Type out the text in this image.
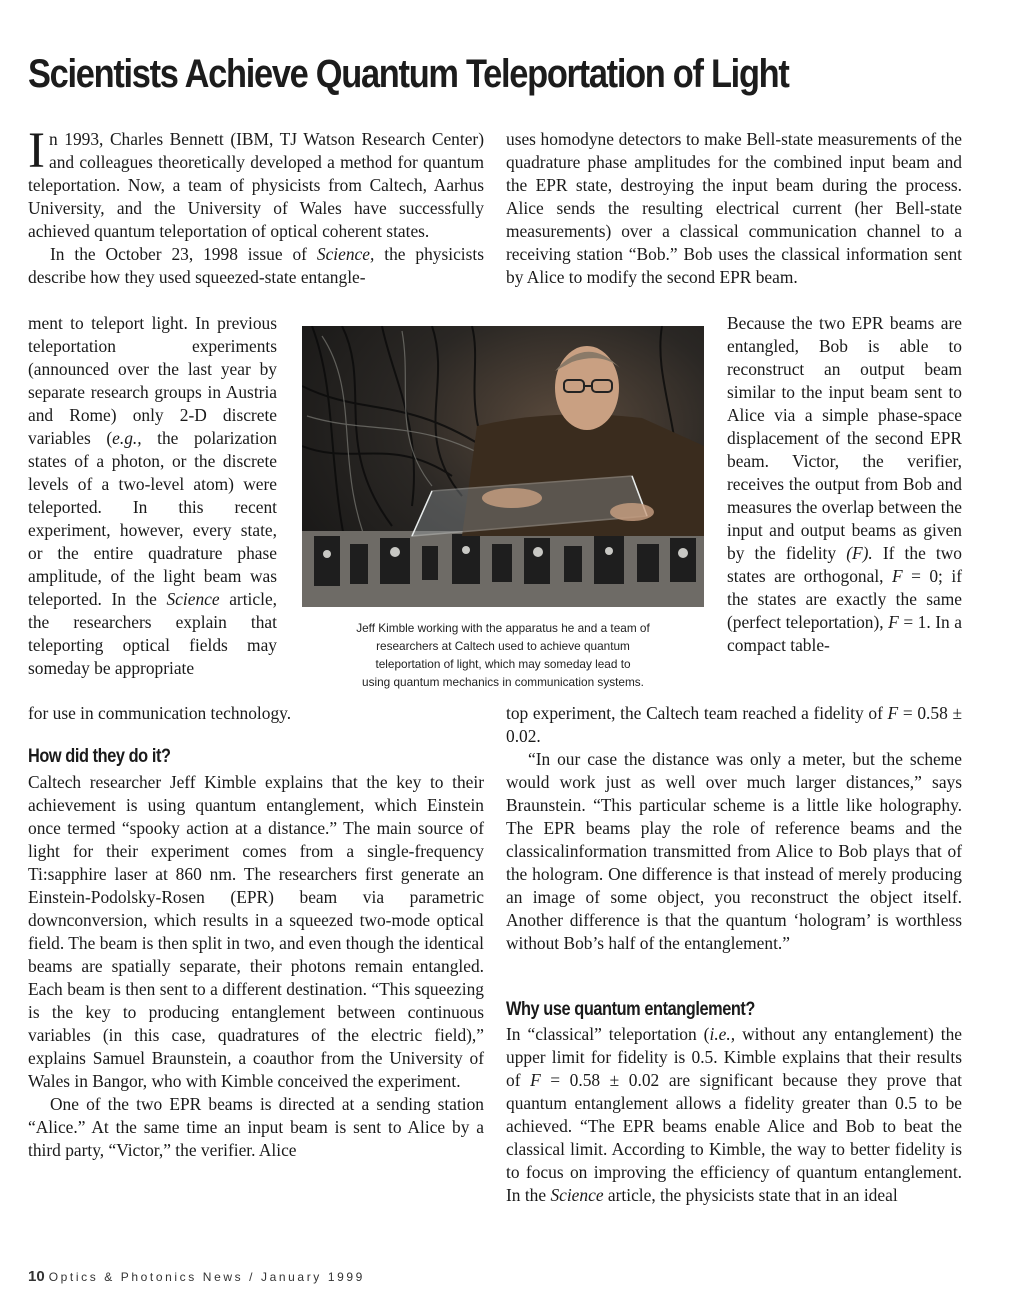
Scientists Achieve Quantum Teleportation of Light

In 1993, Charles Bennett (IBM, TJ Watson Research Center) and colleagues theoretically developed a method for quantum teleportation. Now, a team of physicists from Caltech, Aarhus University, and the University of Wales have successfully achieved quantum teleportation of optical coherent states.

In the October 23, 1998 issue of Science, the physicists describe how they used squeezed-state entangle-

ment to teleport light. In previous teleportation experiments (announced over the last year by separate research groups in Austria and Rome) only 2-D discrete variables (e.g., the polarization states of a photon, or the discrete levels of a two-level atom) were teleported. In this recent experiment, however, every state, or the entire quadrature phase amplitude, of the light beam was teleported. In the Science article, the researchers explain that teleporting optical fields may someday be appropriate

for use in communication technology.

How did they do it?

Caltech researcher Jeff Kimble explains that the key to their achievement is using quantum entanglement, which Einstein once termed “spooky action at a distance.” The main source of light for their experiment comes from a single-frequency Ti:sapphire laser at 860 nm. The researchers first generate an Einstein-Podolsky-Rosen (EPR) beam via parametric downconversion, which results in a squeezed two-mode optical field. The beam is then split in two, and even though the identical beams are spatially separate, their photons remain entangled. Each beam is then sent to a different destination. “This squeezing is the key to producing entanglement between continuous variables (in this case, quadratures of the electric field),” explains Samuel Braunstein, a coauthor from the University of Wales in Bangor, who with Kimble conceived the experiment.

One of the two EPR beams is directed at a sending station “Alice.” At the same time an input beam is sent to Alice by a third party, “Victor,” the verifier. Alice

Jeff Kimble working with the apparatus he and a team of

researchers at Caltech used to achieve quantum

teleportation of light, which may someday lead to

using quantum mechanics in communication systems.

uses homodyne detectors to make Bell-state measurements of the quadrature phase amplitudes for the combined input beam and the EPR state, destroying the input beam during the process. Alice sends the resulting electrical current (her Bell-state measurements) over a classical communication channel to a receiving station “Bob.” Bob uses the classical information sent by Alice to modify the second EPR beam.

Because the two EPR beams are entangled, Bob is able to reconstruct an output beam similar to the input beam sent to Alice via a simple phase-space displacement of the second EPR beam. Victor, the verifier, receives the output from Bob and measures the overlap between the input and output beams as given by the fidelity (F). If the two states are orthogonal, F = 0; if the states are exactly the same (perfect teleportation), F = 1. In a compact table-

top experiment, the Caltech team reached a fidelity of F = 0.58 ± 0.02.

“In our case the distance was only a meter, but the scheme would work just as well over much larger distances,” says Braunstein. “This particular scheme is a little like holography. The EPR beams play the role of reference beams and the classicalinformation transmitted from Alice to Bob plays that of the hologram. One difference is that instead of merely producing an image of some object, you reconstruct the object itself. Another difference is that the quantum ‘hologram’ is worthless without Bob’s half of the entanglement.”

Why use quantum entanglement?

In “classical” teleportation (i.e., without any entanglement) the upper limit for fidelity is 0.5. Kimble explains that their results of F = 0.58 ± 0.02 are significant because they prove that quantum entanglement allows a fidelity greater than 0.5 to be achieved. “The EPR beams enable Alice and Bob to beat the classical limit. According to Kimble, the way to better fidelity is to focus on improving the efficiency of quantum entanglement. In the Science article, the physicists state that in an ideal

10 Optics & Photonics News / January 1999
